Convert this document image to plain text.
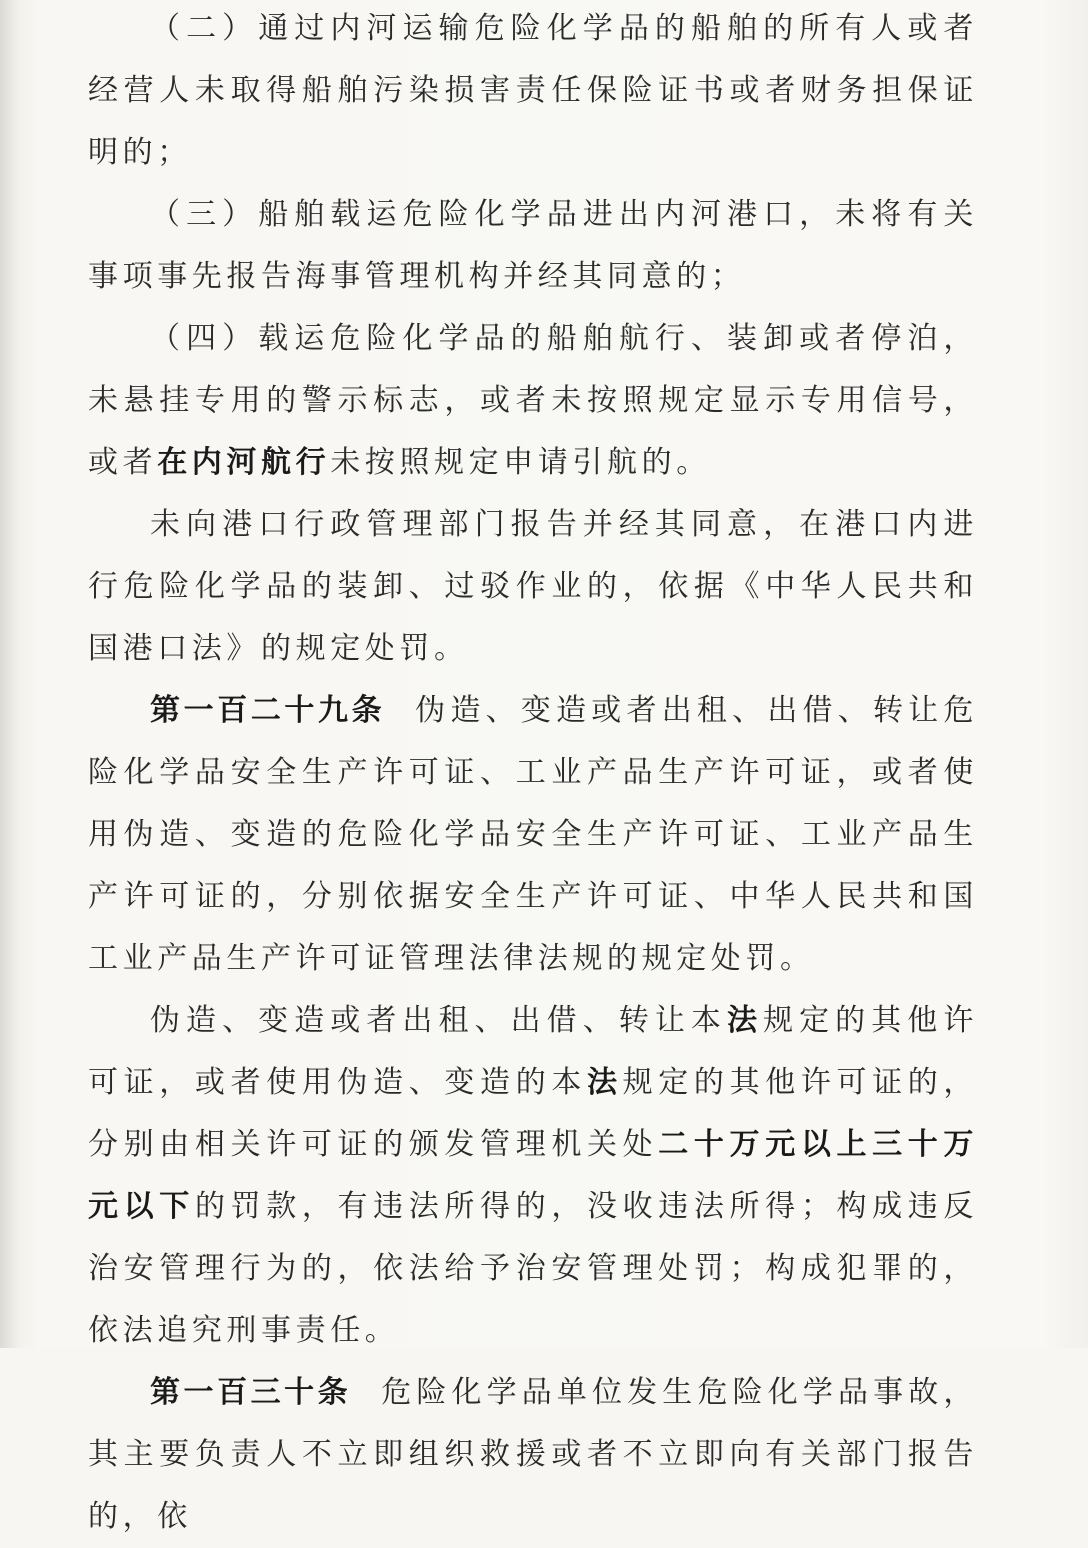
（二）通过内河运输危险化学品的船舶的所有人或者经营人未取得船舶污染损害责任保险证书或者财务担保证明的；

（三）船舶载运危险化学品进出内河港口，未将有关事项事先报告海事管理机构并经其同意的；

（四）载运危险化学品的船舶航行、装卸或者停泊，未悬挂专用的警示标志，或者未按照规定显示专用信号，或者在内河航行未按照规定申请引航的。

未向港口行政管理部门报告并经其同意，在港口内进行危险化学品的装卸、过驳作业的，依据《中华人民共和国港口法》的规定处罚。

第一百二十九条 伪造、变造或者出租、出借、转让危险化学品安全生产许可证、工业产品生产许可证，或者使用伪造、变造的危险化学品安全生产许可证、工业产品生产许可证的，分别依据安全生产许可证、中华人民共和国工业产品生产许可证管理法律法规的规定处罚。

伪造、变造或者出租、出借、转让本法规定的其他许可证，或者使用伪造、变造的本法规定的其他许可证的，分别由相关许可证的颁发管理机关处二十万元以上三十万元以下的罚款，有违法所得的，没收违法所得；构成违反治安管理行为的，依法给予治安管理处罚；构成犯罪的，依法追究刑事责任。

第一百三十条 危险化学品单位发生危险化学品事故，其主要负责人不立即组织救援或者不立即向有关部门报告的，依
